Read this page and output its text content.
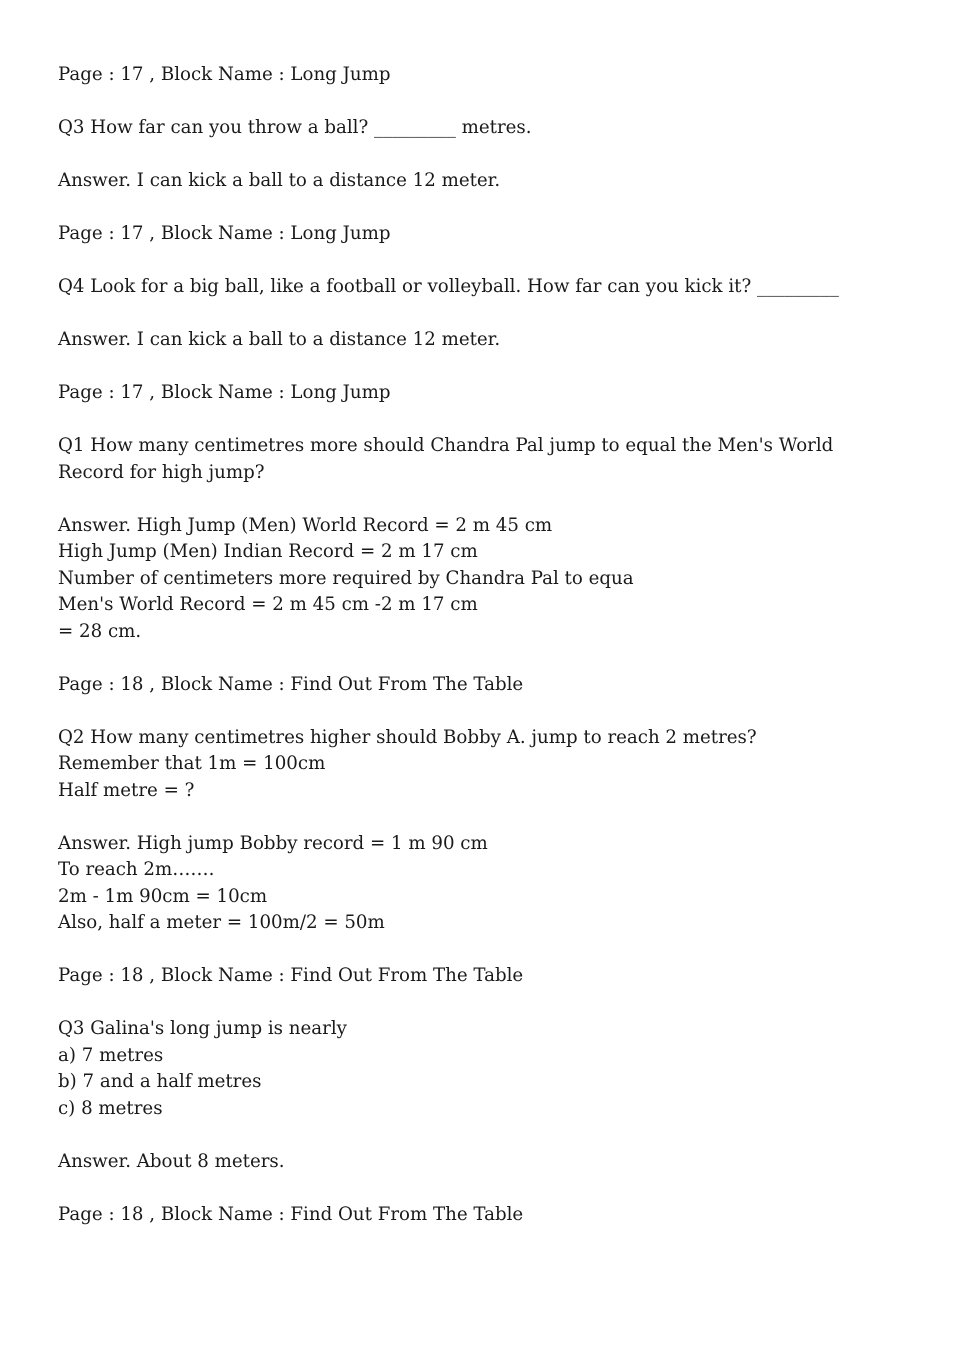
Page : 17 , Block Name : Long Jump
Q3 How far can you throw a ball? _________ metres.
Answer. I can kick a ball to a distance 12 meter.
Page : 17 , Block Name : Long Jump
Q4 Look for a big ball, like a football or volleyball. How far can you kick it? _________
Answer. I can kick a ball to a distance 12 meter.
Page : 17 , Block Name : Long Jump
Q1 How many centimetres more should Chandra Pal jump to equal the Men's World Record for high jump?
Answer. High Jump (Men) World Record = 2 m 45 cm
High Jump (Men) Indian Record = 2 m 17 cm
Number of centimeters more required by Chandra Pal to equa
Men's World Record = 2 m 45 cm -2 m 17 cm
= 28 cm.
Page : 18 , Block Name : Find Out From The Table
Q2 How many centimetres higher should Bobby A. jump to reach 2 metres?
Remember that 1m = 100cm
Half metre = ?
Answer. High jump Bobby record = 1 m 90 cm
To reach 2m…….
2m - 1m 90cm = 10cm
Also, half a meter = 100m/2 = 50m
Page : 18 , Block Name : Find Out From The Table
Q3 Galina's long jump is nearly
a) 7 metres
b) 7 and a half metres
c) 8 metres
Answer. About 8 meters.
Page : 18 , Block Name : Find Out From The Table
